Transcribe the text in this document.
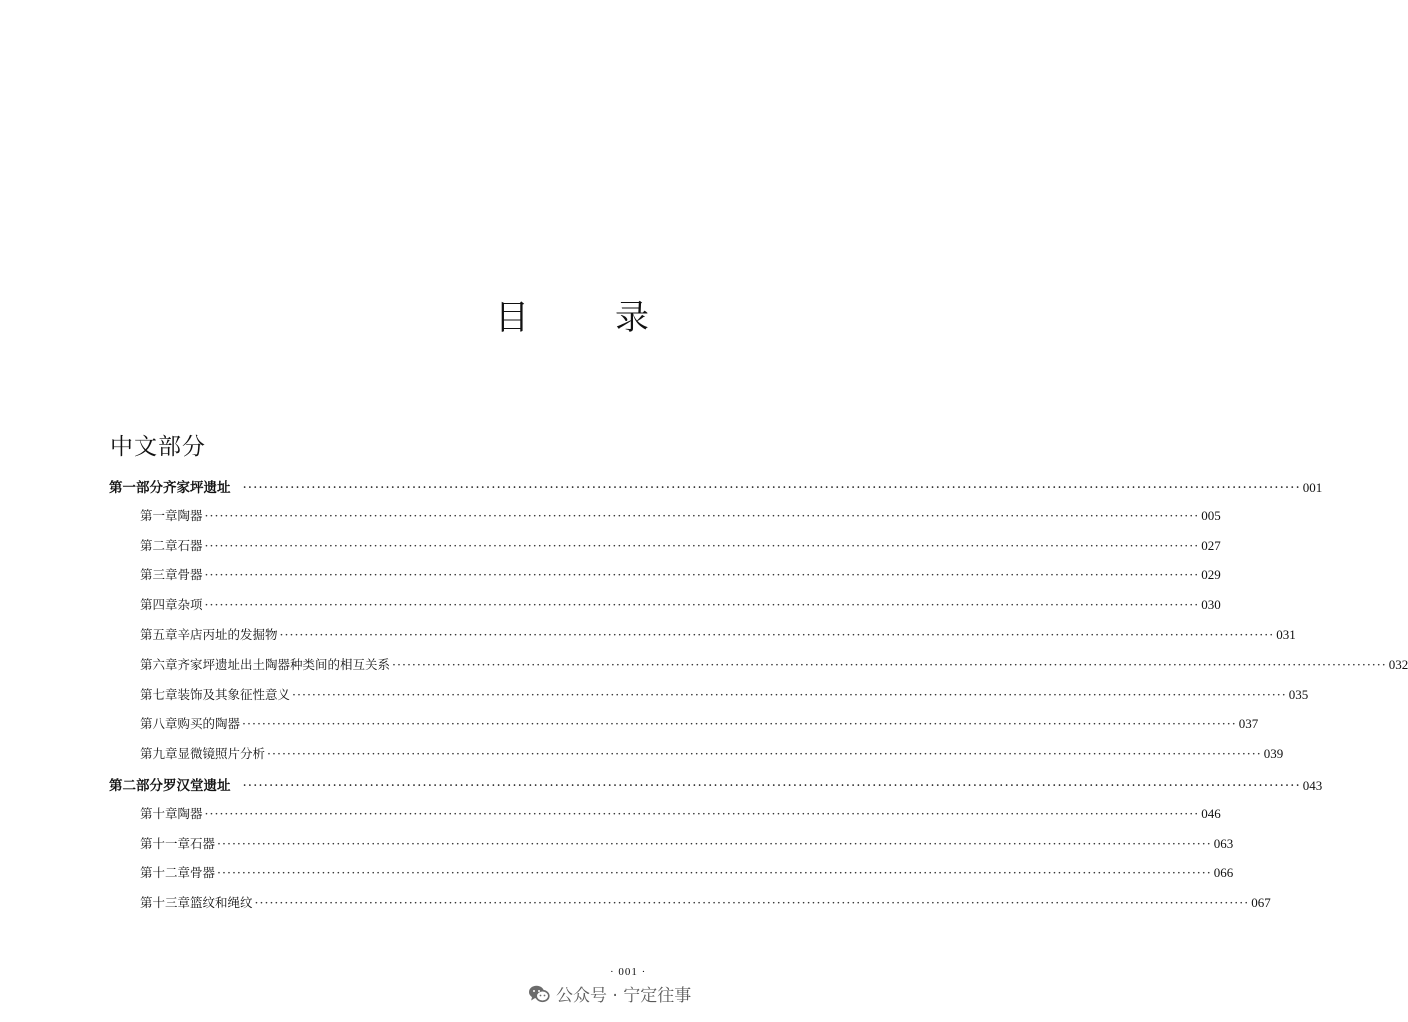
目　录
中文部分
第一部分 齐家坪遗址 ········································································································································································································ 001
第一章 陶器 ········································································································································································································ 005
第二章 石器 ········································································································································································································ 027
第三章 骨器 ········································································································································································································ 029
第四章 杂项 ········································································································································································································ 030
第五章 辛店丙址的发掘物 ········································································································································································································ 031
第六章 齐家坪遗址出土陶器种类间的相互关系 ········································································································································································································ 032
第七章 装饰及其象征性意义 ········································································································································································································ 035
第八章 购买的陶器 ········································································································································································································ 037
第九章 显微镜照片分析 ········································································································································································································ 039
第二部分 罗汉堂遗址 ········································································································································································································ 043
第十章 陶器 ········································································································································································································ 046
第十一章 石器 ········································································································································································································ 063
第十二章 骨器 ········································································································································································································ 066
第十三章 篮纹和绳纹 ········································································································································································································ 067
· 001 ·
公众号 · 宁定往事
